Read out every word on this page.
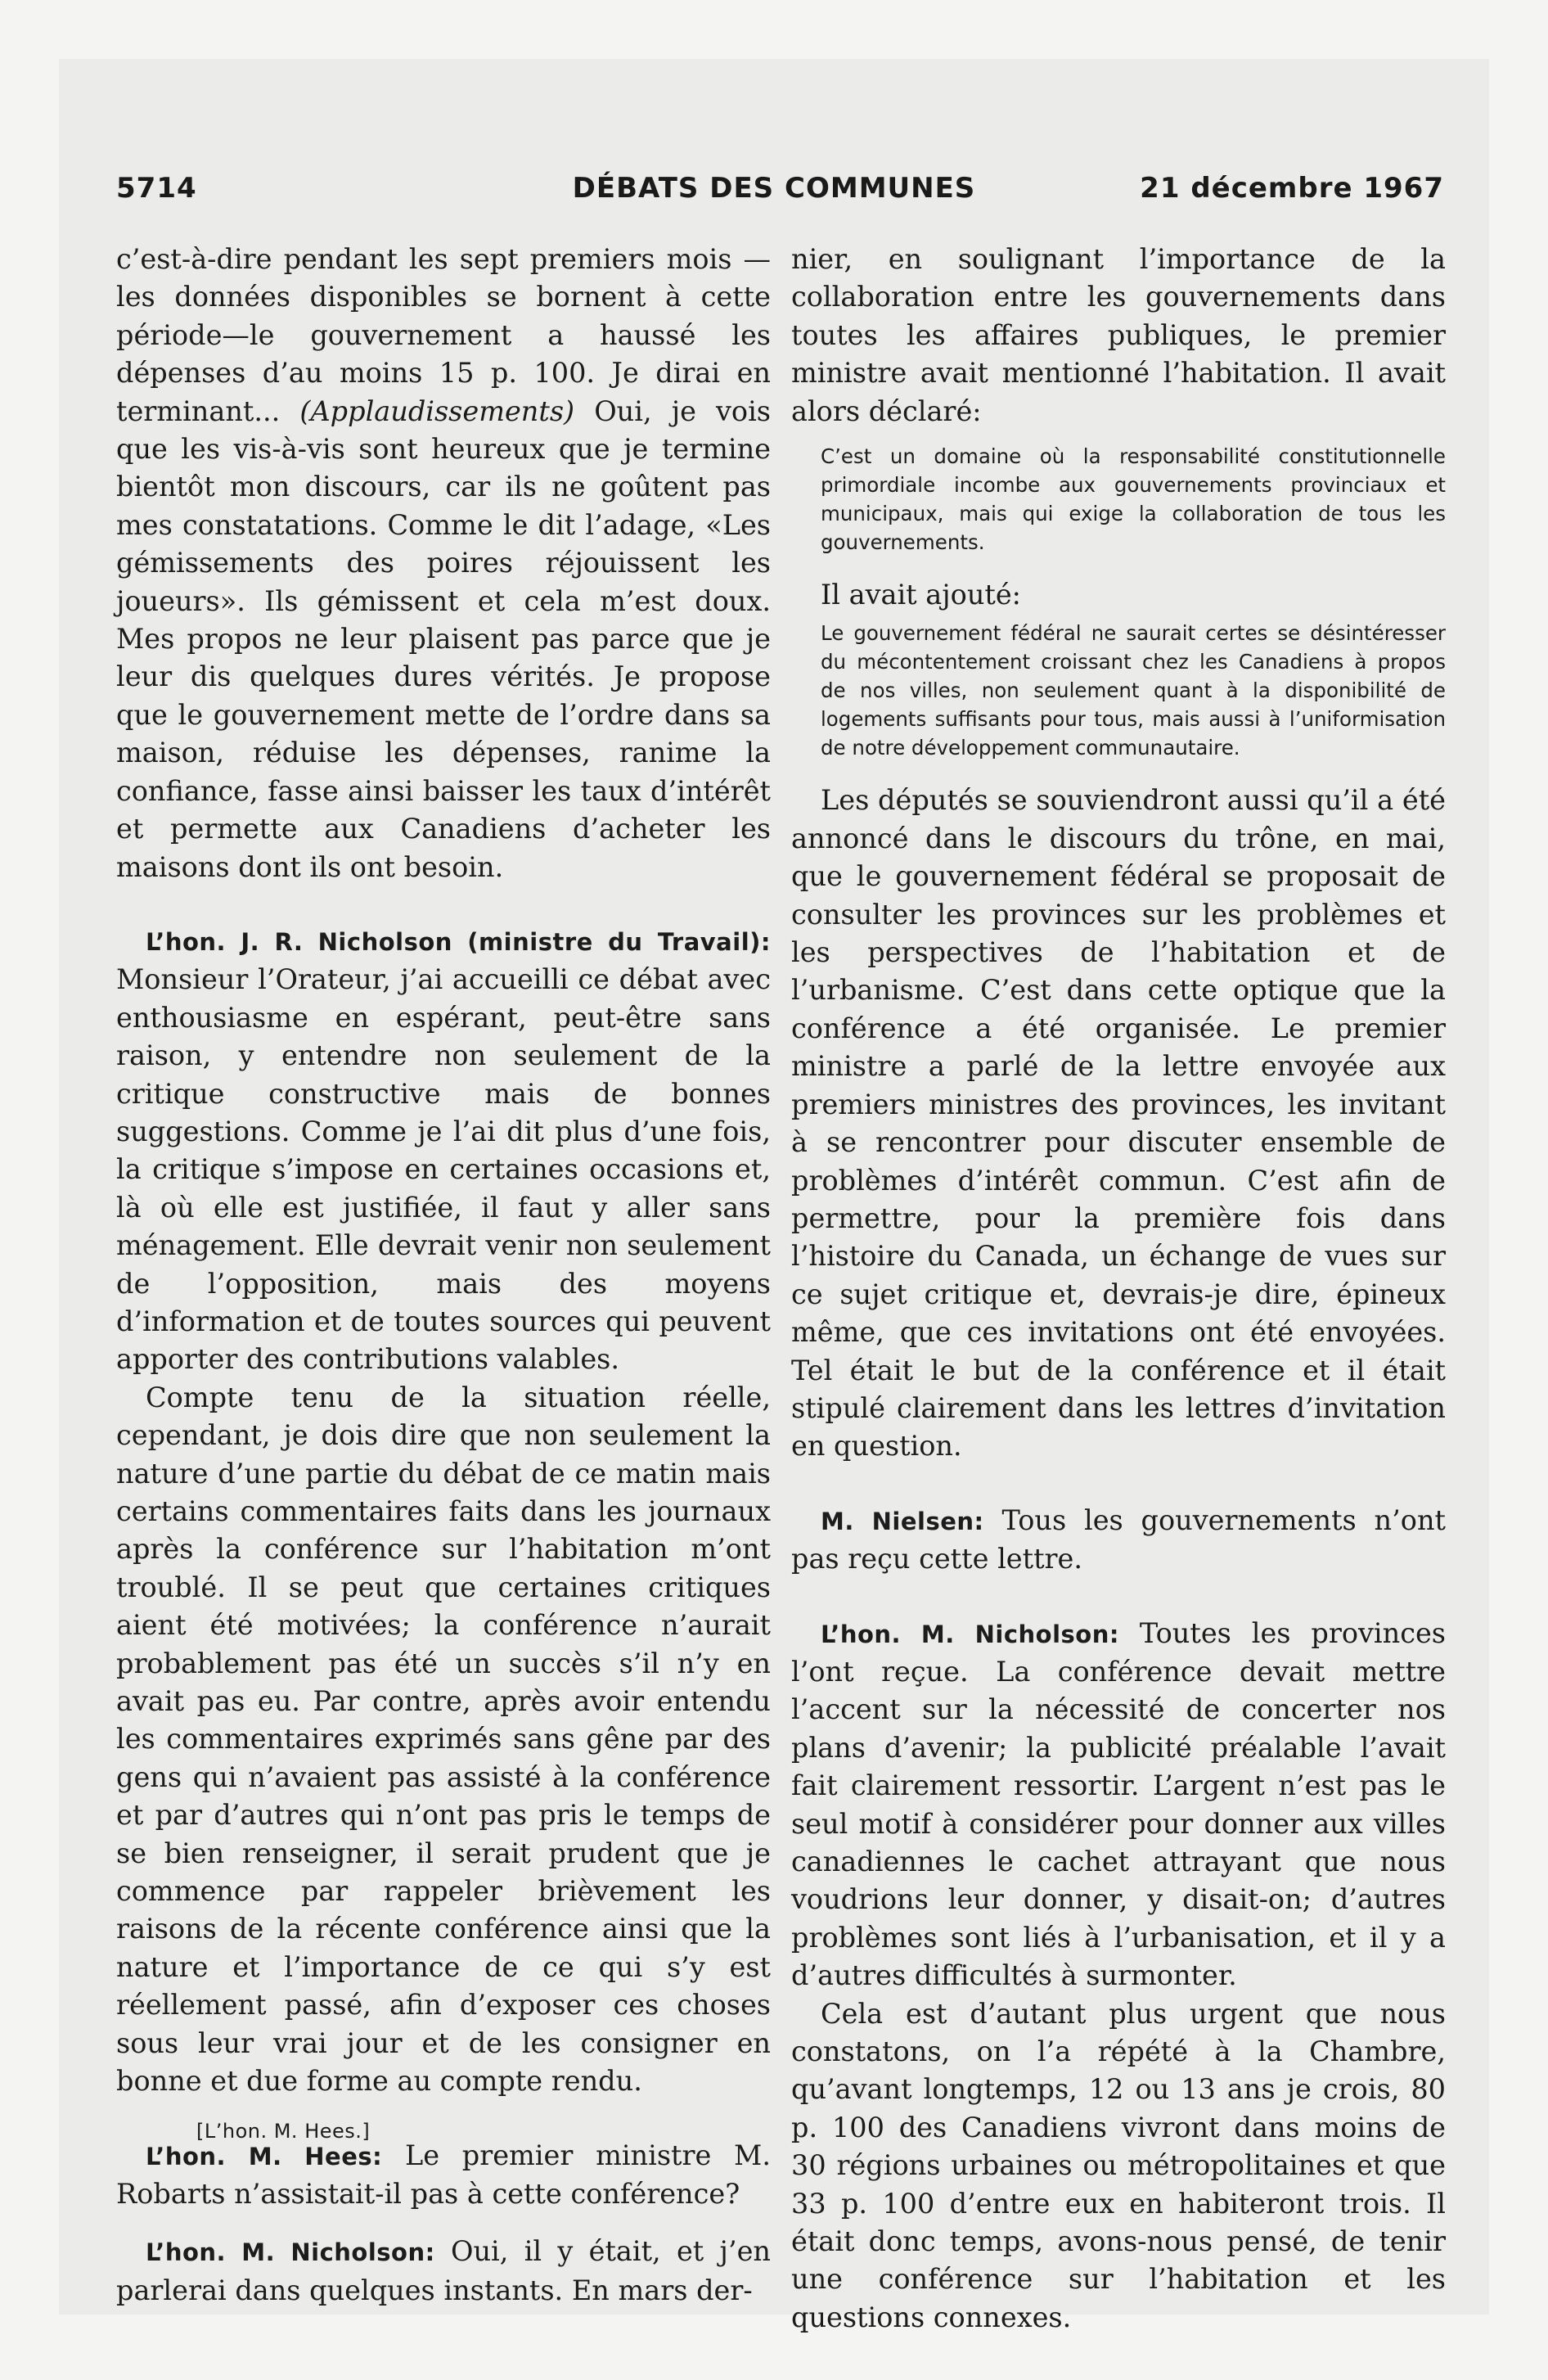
5714	DÉBATS DES COMMUNES	21 décembre 1967

c’est-à-dire pendant les sept premiers mois —les données disponibles se bornent à cette période—le gouvernement a haussé les dépenses d’au moins 15 p. 100. Je dirai en terminant... (Applaudissements) Oui, je vois que les vis-à-vis sont heureux que je termine bientôt mon discours, car ils ne goûtent pas mes constatations. Comme le dit l’adage, «Les gémissements des poires réjouissent les joueurs». Ils gémissent et cela m’est doux. Mes propos ne leur plaisent pas parce que je leur dis quelques dures vérités. Je propose que le gouvernement mette de l’ordre dans sa maison, réduise les dépenses, ranime la confiance, fasse ainsi baisser les taux d’intérêt et permette aux Canadiens d’acheter les maisons dont ils ont besoin.

L’hon. J. R. Nicholson (ministre du Travail): Monsieur l’Orateur, j’ai accueilli ce débat avec enthousiasme en espérant, peut-être sans raison, y entendre non seulement de la critique constructive mais de bonnes suggestions. Comme je l’ai dit plus d’une fois, la critique s’impose en certaines occasions et, là où elle est justifiée, il faut y aller sans ménagement. Elle devrait venir non seulement de l’opposition, mais des moyens d’information et de toutes sources qui peuvent apporter des contributions valables.

Compte tenu de la situation réelle, cependant, je dois dire que non seulement la nature d’une partie du débat de ce matin mais certains commentaires faits dans les journaux après la conférence sur l’habitation m’ont troublé. Il se peut que certaines critiques aient été motivées; la conférence n’aurait probablement pas été un succès s’il n’y en avait pas eu. Par contre, après avoir entendu les commentaires exprimés sans gêne par des gens qui n’avaient pas assisté à la conférence et par d’autres qui n’ont pas pris le temps de se bien renseigner, il serait prudent que je commence par rappeler brièvement les raisons de la récente conférence ainsi que la nature et l’importance de ce qui s’y est réellement passé, afin d’exposer ces choses sous leur vrai jour et de les consigner en bonne et due forme au compte rendu.

L’hon. M. Hees: Le premier ministre M. Robarts n’assistait-il pas à cette conférence?

L’hon. M. Nicholson: Oui, il y était, et j’en parlerai dans quelques instants. En mars der-

nier, en soulignant l’importance de la collaboration entre les gouvernements dans toutes les affaires publiques, le premier ministre avait mentionné l’habitation. Il avait alors déclaré:

C’est un domaine où la responsabilité constitutionnelle primordiale incombe aux gouvernements provinciaux et municipaux, mais qui exige la collaboration de tous les gouvernements.

Il avait ajouté:

Le gouvernement fédéral ne saurait certes se désintéresser du mécontentement croissant chez les Canadiens à propos de nos villes, non seulement quant à la disponibilité de logements suffisants pour tous, mais aussi à l’uniformisation de notre développement communautaire.

Les députés se souviendront aussi qu’il a été annoncé dans le discours du trône, en mai, que le gouvernement fédéral se proposait de consulter les provinces sur les problèmes et les perspectives de l’habitation et de l’urbanisme. C’est dans cette optique que la conférence a été organisée. Le premier ministre a parlé de la lettre envoyée aux premiers ministres des provinces, les invitant à se rencontrer pour discuter ensemble de problèmes d’intérêt commun. C’est afin de permettre, pour la première fois dans l’histoire du Canada, un échange de vues sur ce sujet critique et, devrais-je dire, épineux même, que ces invitations ont été envoyées. Tel était le but de la conférence et il était stipulé clairement dans les lettres d’invitation en question.

M. Nielsen: Tous les gouvernements n’ont pas reçu cette lettre.

L’hon. M. Nicholson: Toutes les provinces l’ont reçue. La conférence devait mettre l’accent sur la nécessité de concerter nos plans d’avenir; la publicité préalable l’avait fait clairement ressortir. L’argent n’est pas le seul motif à considérer pour donner aux villes canadiennes le cachet attrayant que nous voudrions leur donner, y disait-on; d’autres problèmes sont liés à l’urbanisation, et il y a d’autres difficultés à surmonter.

Cela est d’autant plus urgent que nous constatons, on l’a répété à la Chambre, qu’avant longtemps, 12 ou 13 ans je crois, 80 p. 100 des Canadiens vivront dans moins de 30 régions urbaines ou métropolitaines et que 33 p. 100 d’entre eux en habiteront trois. Il était donc temps, avons-nous pensé, de tenir une conférence sur l’habitation et les questions connexes.

[L’hon. M. Hees.]
